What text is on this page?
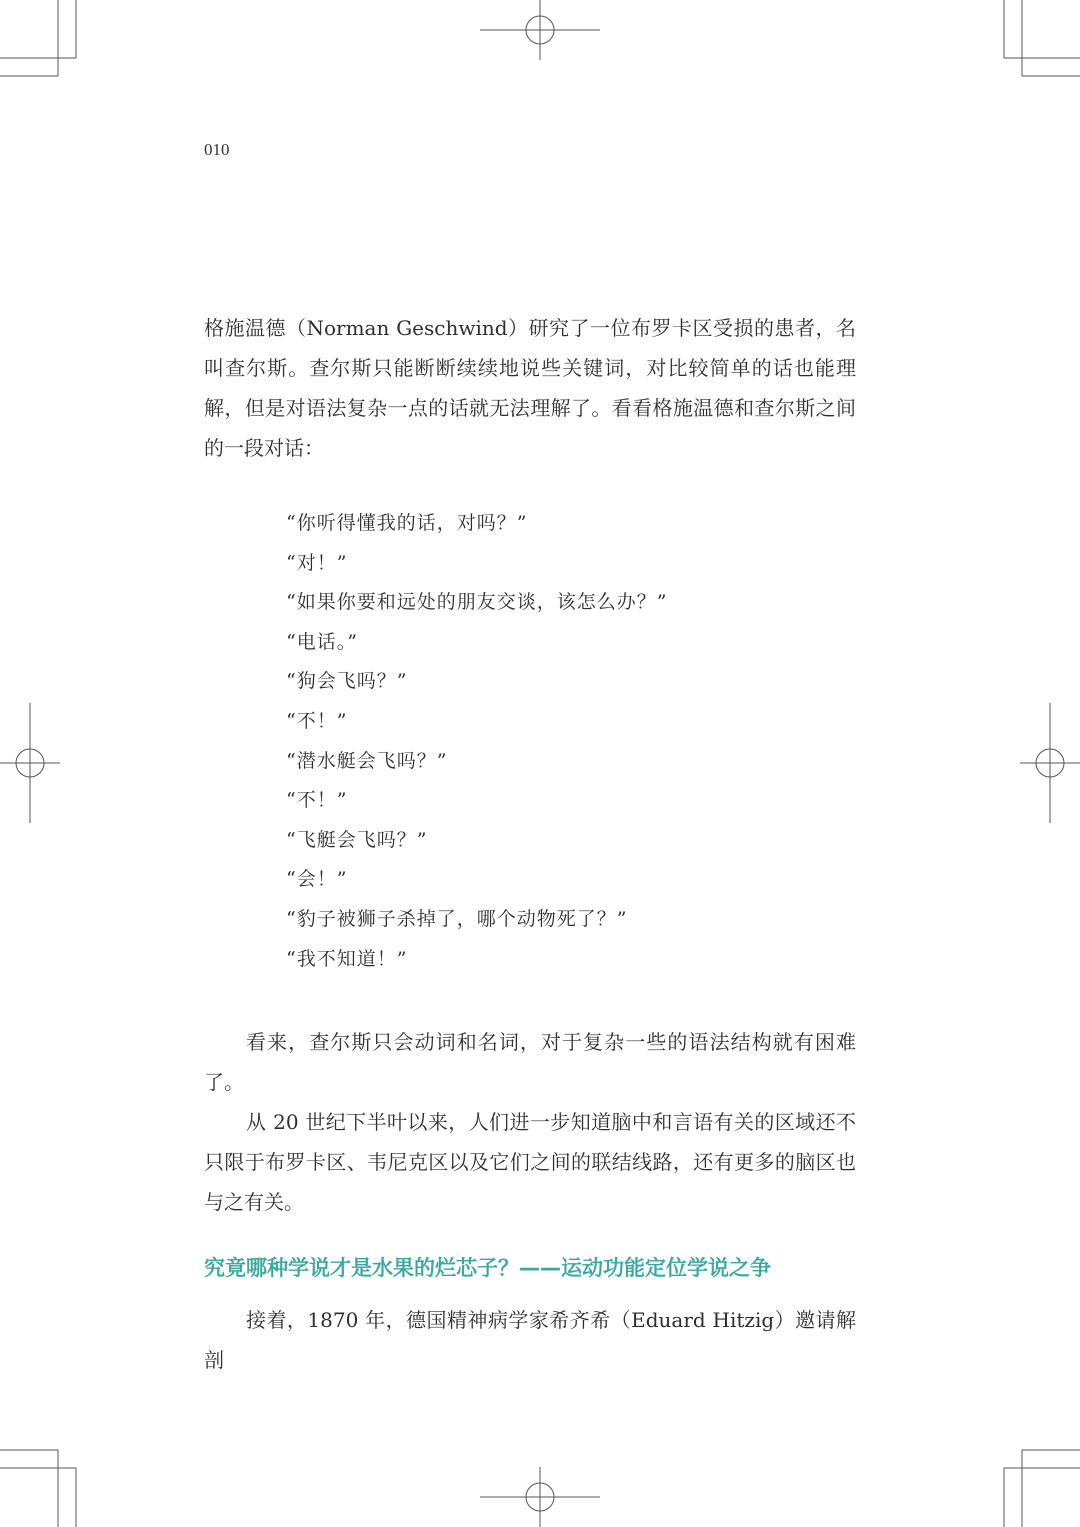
010

格施温德（Norman Geschwind）研究了一位布罗卡区受损的患者，名叫查尔斯。查尔斯只能断断续续地说些关键词，对比较简单的话也能理解，但是对语法复杂一点的话就无法理解了。看看格施温德和查尔斯之间的一段对话：

“你听得懂我的话，对吗？”
“对！”
“如果你要和远处的朋友交谈，该怎么办？”
“电话。”
“狗会飞吗？”
“不！”
“潜水艇会飞吗？”
“不！”
“飞艇会飞吗？”
“会！”
“豹子被狮子杀掉了，哪个动物死了？”
“我不知道！”

看来，查尔斯只会动词和名词，对于复杂一些的语法结构就有困难了。

从 20 世纪下半叶以来，人们进一步知道脑中和言语有关的区域还不只限于布罗卡区、韦尼克区以及它们之间的联结线路，还有更多的脑区也与之有关。

究竟哪种学说才是水果的烂芯子？——运动功能定位学说之争

接着，1870 年，德国精神病学家希齐希（Eduard Hitzig）邀请解剖
